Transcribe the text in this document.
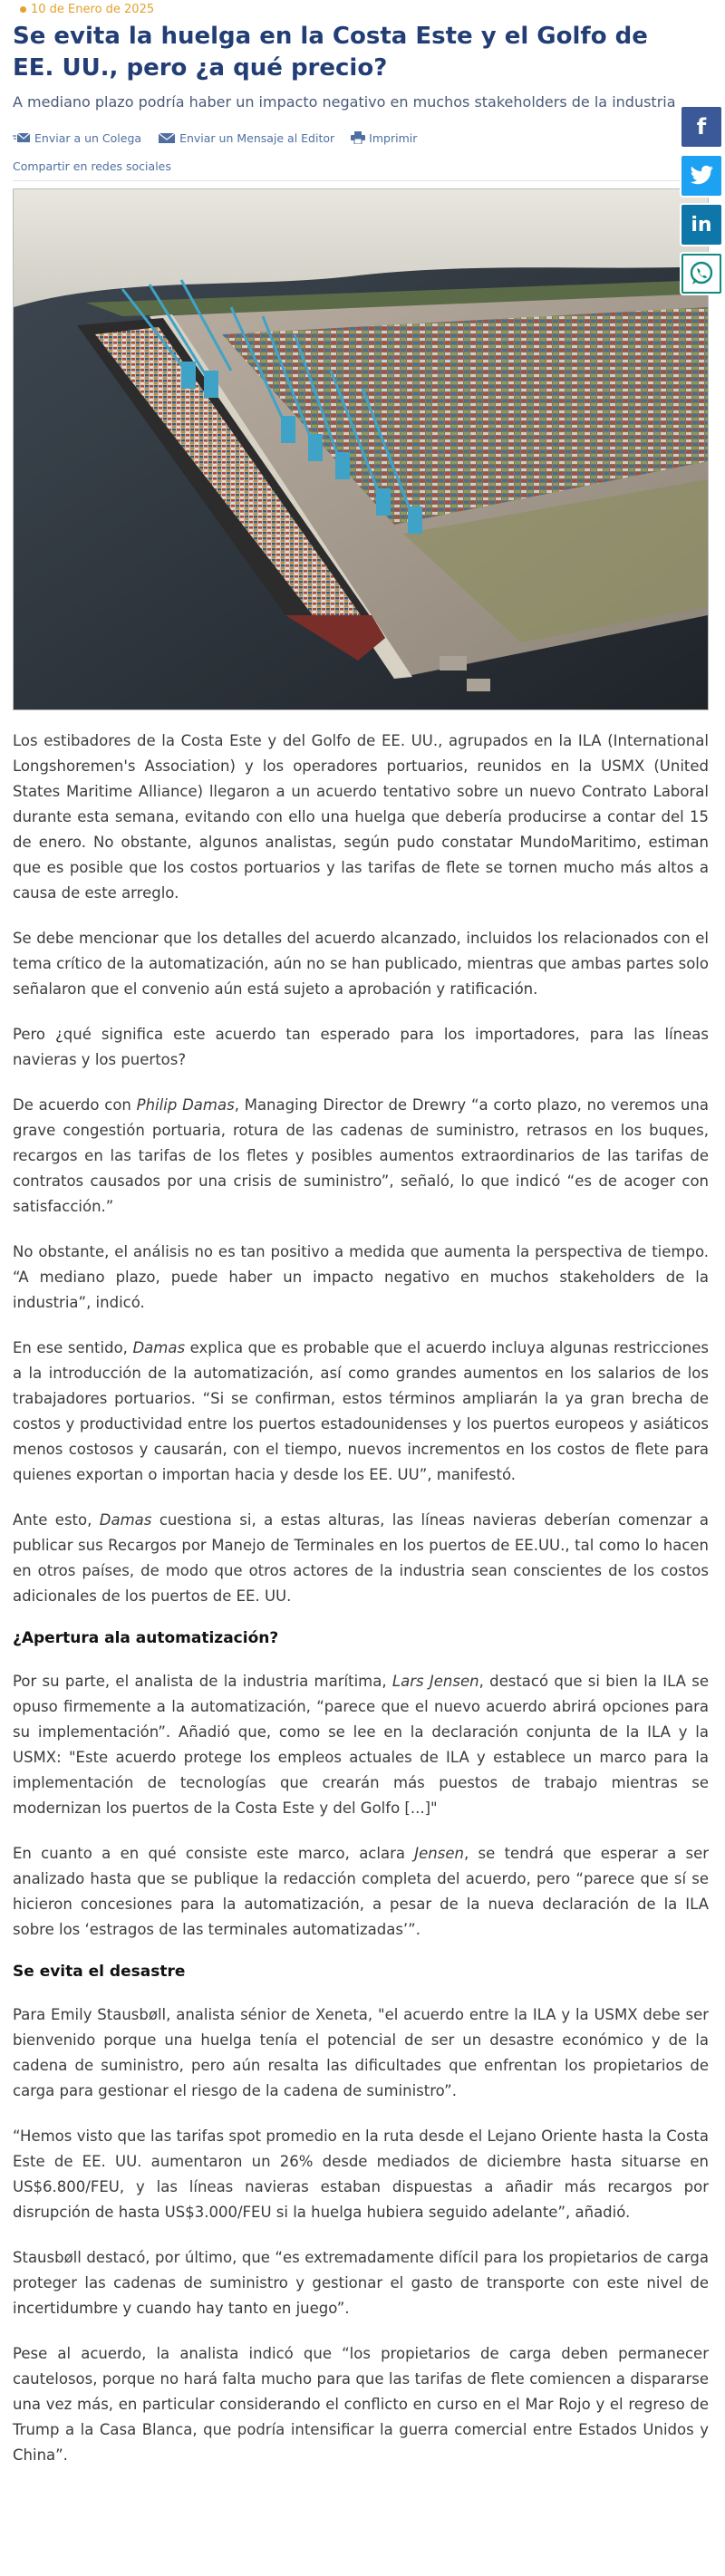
10 de Enero de 2025
Se evita la huelga en la Costa Este y el Golfo de EE. UU., pero ¿a qué precio?
A mediano plazo podría haber un impacto negativo en muchos stakeholders de la industria
Enviar a un Colega	Enviar un Mensaje al Editor	Imprimir
Compartir en redes sociales

Los estibadores de la Costa Este y del Golfo de EE. UU., agrupados en la ILA (International Longshoremen's Association) y los operadores portuarios, reunidos en la USMX (United States Maritime Alliance) llegaron a un acuerdo tentativo sobre un nuevo Contrato Laboral durante esta semana, evitando con ello una huelga que debería producirse a contar del 15 de enero. No obstante, algunos analistas, según pudo constatar MundoMaritimo, estiman que es posible que los costos portuarios y las tarifas de flete se tornen mucho más altos a causa de este arreglo.

Se debe mencionar que los detalles del acuerdo alcanzado, incluidos los relacionados con el tema crítico de la automatización, aún no se han publicado, mientras que ambas partes solo señalaron que el convenio aún está sujeto a aprobación y ratificación.

Pero ¿qué significa este acuerdo tan esperado para los importadores, para las líneas navieras y los puertos?

De acuerdo con Philip Damas, Managing Director de Drewry “a corto plazo, no veremos una grave congestión portuaria, rotura de las cadenas de suministro, retrasos en los buques, recargos en las tarifas de los fletes y posibles aumentos extraordinarios de las tarifas de contratos causados por una crisis de suministro”, señaló, lo que indicó “es de acoger con satisfacción.”

No obstante, el análisis no es tan positivo a medida que aumenta la perspectiva de tiempo. “A mediano plazo, puede haber un impacto negativo en muchos stakeholders de la industria”, indicó.

En ese sentido, Damas explica que es probable que el acuerdo incluya algunas restricciones a la introducción de la automatización, así como grandes aumentos en los salarios de los trabajadores portuarios. “Si se confirman, estos términos ampliarán la ya gran brecha de costos y productividad entre los puertos estadounidenses y los puertos europeos y asiáticos menos costosos y causarán, con el tiempo, nuevos incrementos en los costos de flete para quienes exportan o importan hacia y desde los EE. UU”, manifestó.

Ante esto, Damas cuestiona si, a estas alturas, las líneas navieras deberían comenzar a publicar sus Recargos por Manejo de Terminales en los puertos de EE.UU., tal como lo hacen en otros países, de modo que otros actores de la industria sean conscientes de los costos adicionales de los puertos de EE. UU.

¿Apertura ala automatización?

Por su parte, el analista de la industria marítima, Lars Jensen, destacó que si bien la ILA se opuso firmemente a la automatización, “parece que el nuevo acuerdo abrirá opciones para su implementación”. Añadió que, como se lee en la declaración conjunta de la ILA y la USMX: "Este acuerdo protege los empleos actuales de ILA y establece un marco para la implementación de tecnologías que crearán más puestos de trabajo mientras se modernizan los puertos de la Costa Este y del Golfo [...]"

En cuanto a en qué consiste este marco, aclara Jensen, se tendrá que esperar a ser analizado hasta que se publique la redacción completa del acuerdo, pero “parece que sí se hicieron concesiones para la automatización, a pesar de la nueva declaración de la ILA sobre los ‘estragos de las terminales automatizadas’”.

Se evita el desastre

Para Emily Stausbøll, analista sénior de Xeneta, "el acuerdo entre la ILA y la USMX debe ser bienvenido porque una huelga tenía el potencial de ser un desastre económico y de la cadena de suministro, pero aún resalta las dificultades que enfrentan los propietarios de carga para gestionar el riesgo de la cadena de suministro”.

“Hemos visto que las tarifas spot promedio en la ruta desde el Lejano Oriente hasta la Costa Este de EE. UU. aumentaron un 26% desde mediados de diciembre hasta situarse en US$6.800/FEU, y las líneas navieras estaban dispuestas a añadir más recargos por disrupción de hasta US$3.000/FEU si la huelga hubiera seguido adelante”, añadió.

Stausbøll destacó, por último, que “es extremadamente difícil para los propietarios de carga proteger las cadenas de suministro y gestionar el gasto de transporte con este nivel de incertidumbre y cuando hay tanto en juego”.

Pese al acuerdo, la analista indicó que “los propietarios de carga deben permanecer cautelosos, porque no hará falta mucho para que las tarifas de flete comiencen a dispararse una vez más, en particular considerando el conflicto en curso en el Mar Rojo y el regreso de Trump a la Casa Blanca, que podría intensificar la guerra comercial entre Estados Unidos y China”.

f
in
